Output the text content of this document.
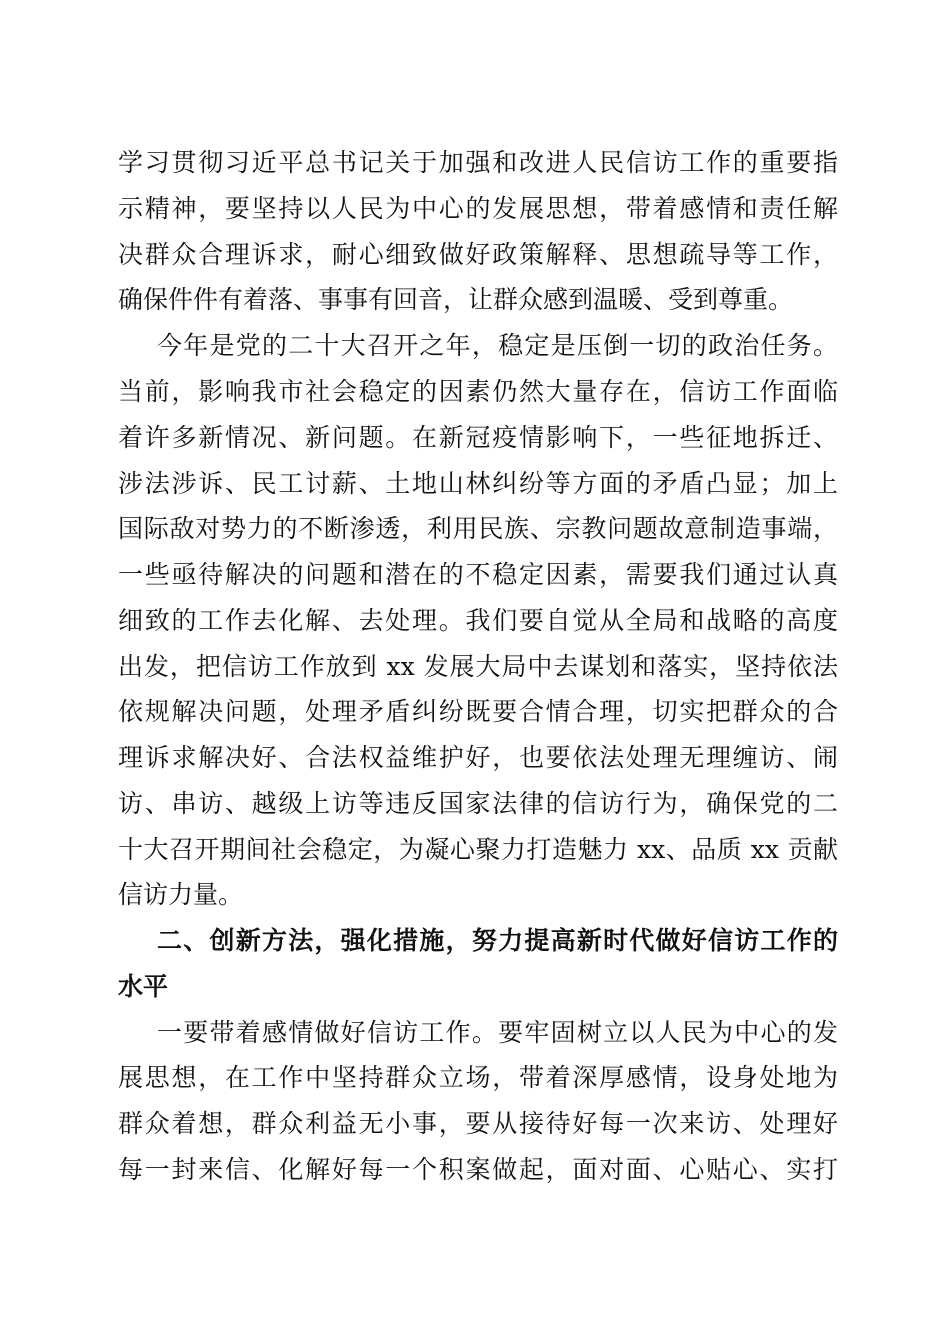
学习贯彻习近平总书记关于加强和改进人民信访工作的重要指
示精神，要坚持以人民为中心的发展思想，带着感情和责任解
决群众合理诉求，耐心细致做好政策解释、思想疏导等工作，
确保件件有着落、事事有回音，让群众感到温暖、受到尊重。
今年是党的二十大召开之年，稳定是压倒一切的政治任务。
当前，影响我市社会稳定的因素仍然大量存在，信访工作面临
着许多新情况、新问题。在新冠疫情影响下，一些征地拆迁、
涉法涉诉、民工讨薪、土地山林纠纷等方面的矛盾凸显；加上
国际敌对势力的不断渗透，利用民族、宗教问题故意制造事端，
一些亟待解决的问题和潜在的不稳定因素，需要我们通过认真
细致的工作去化解、去处理。我们要自觉从全局和战略的高度
出发，把信访工作放到 xx 发展大局中去谋划和落实，坚持依法
依规解决问题，处理矛盾纠纷既要合情合理，切实把群众的合
理诉求解决好、合法权益维护好，也要依法处理无理缠访、闹
访、串访、越级上访等违反国家法律的信访行为，确保党的二
十大召开期间社会稳定，为凝心聚力打造魅力 xx、品质 xx 贡献
信访力量。
二、创新方法，强化措施，努力提高新时代做好信访工作的
水平
一要带着感情做好信访工作。要牢固树立以人民为中心的发
展思想，在工作中坚持群众立场，带着深厚感情，设身处地为
群众着想，群众利益无小事，要从接待好每一次来访、处理好
每一封来信、化解好每一个积案做起，面对面、心贴心、实打
